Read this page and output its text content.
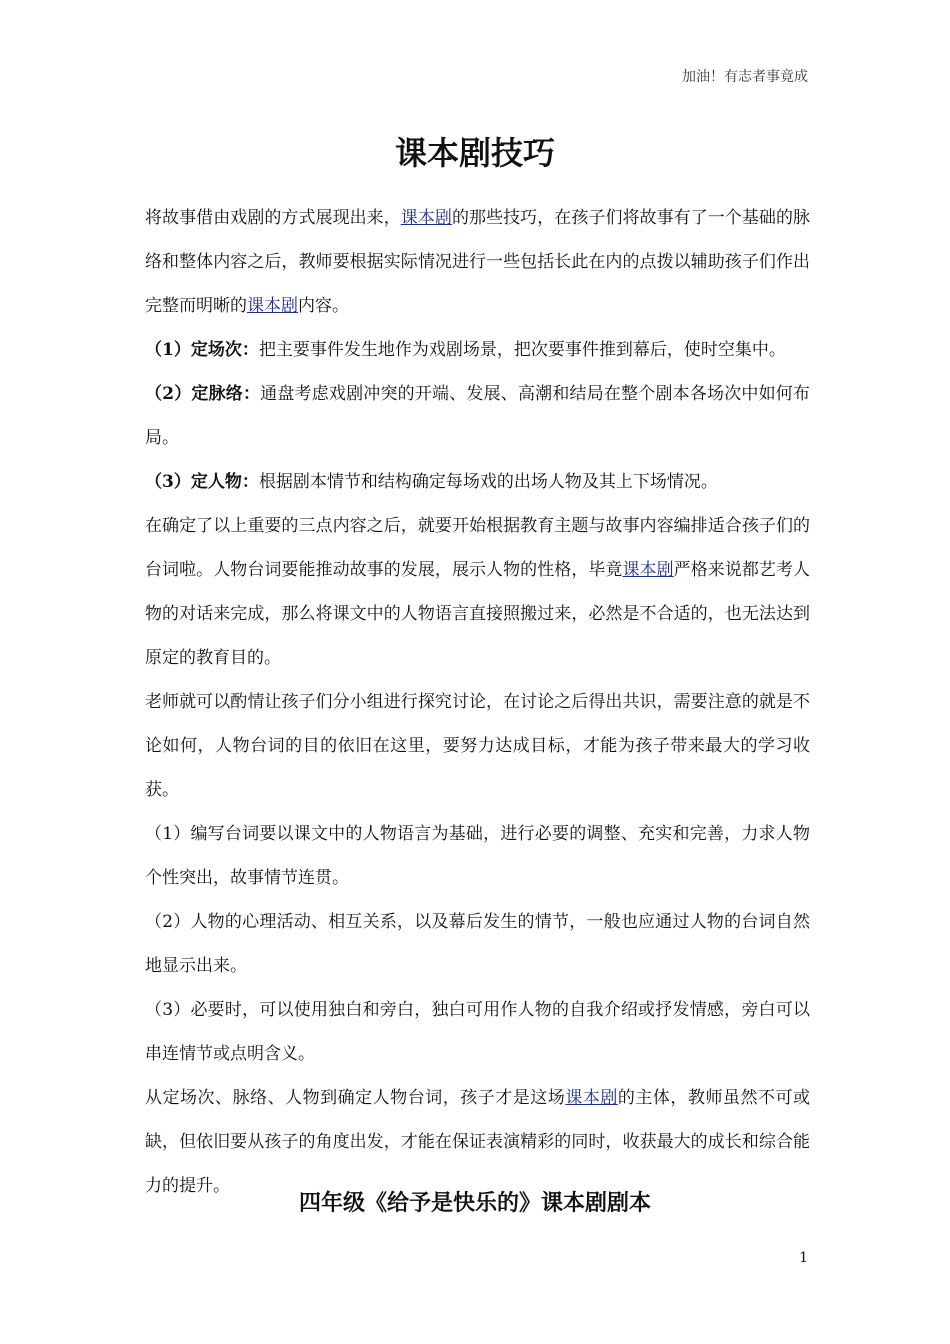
加油！有志者事竟成
课本剧技巧

将故事借由戏剧的方式展现出来，课本剧的那些技巧，在孩子们将故事有了一个基础的脉络和整体内容之后，教师要根据实际情况进行一些包括长此在内的点拨以辅助孩子们作出完整而明晰的课本剧内容。

（1）定场次：把主要事件发生地作为戏剧场景，把次要事件推到幕后，使时空集中。

（2）定脉络：通盘考虑戏剧冲突的开端、发展、高潮和结局在整个剧本各场次中如何布局。

（3）定人物：根据剧本情节和结构确定每场戏的出场人物及其上下场情况。

在确定了以上重要的三点内容之后，就要开始根据教育主题与故事内容编排适合孩子们的台词啦。人物台词要能推动故事的发展，展示人物的性格，毕竟课本剧严格来说都艺考人物的对话来完成，那么将课文中的人物语言直接照搬过来，必然是不合适的，也无法达到原定的教育目的。

老师就可以酌情让孩子们分小组进行探究讨论，在讨论之后得出共识，需要注意的就是不论如何，人物台词的目的依旧在这里，要努力达成目标，才能为孩子带来最大的学习收获。

（1）编写台词要以课文中的人物语言为基础，进行必要的调整、充实和完善，力求人物个性突出，故事情节连贯。

（2）人物的心理活动、相互关系，以及幕后发生的情节，一般也应通过人物的台词自然地显示出来。

（3）必要时，可以使用独白和旁白，独白可用作人物的自我介绍或抒发情感，旁白可以串连情节或点明含义。

从定场次、脉络、人物到确定人物台词，孩子才是这场课本剧的主体，教师虽然不可或缺，但依旧要从孩子的角度出发，才能在保证表演精彩的同时，收获最大的成长和综合能力的提升。

四年级《给予是快乐的》课本剧剧本
1
